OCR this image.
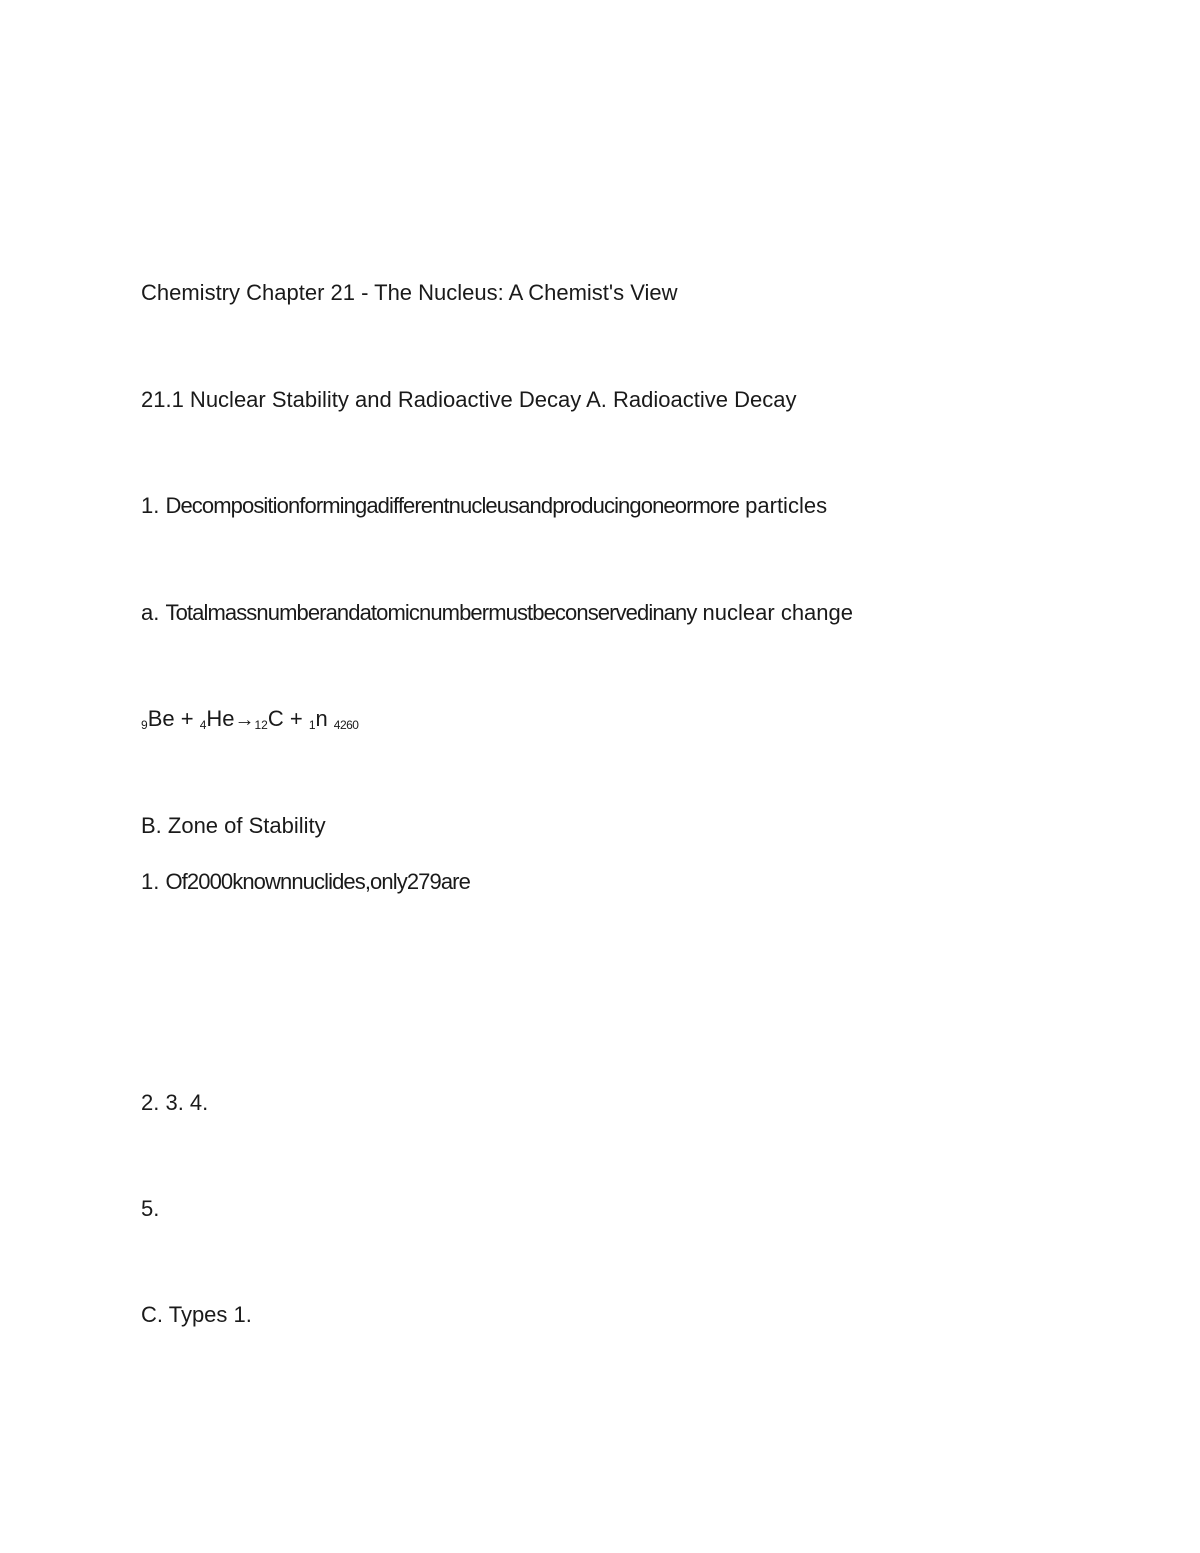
Chemistry Chapter 21 - The Nucleus: A Chemist's View
21.1 Nuclear Stability and Radioactive Decay A. Radioactive Decay
1. Decompositionformingadifferentnucleusandproducingoneormore particles
a. Totalmassnumberandatomicnumbermustbeconservedinany nuclear change
9Be + 4He→12C + 1n 4260
B. Zone of Stability
1. Of2000knownnuclides,only279are
2. 3. 4.
5.
C. Types 1.
